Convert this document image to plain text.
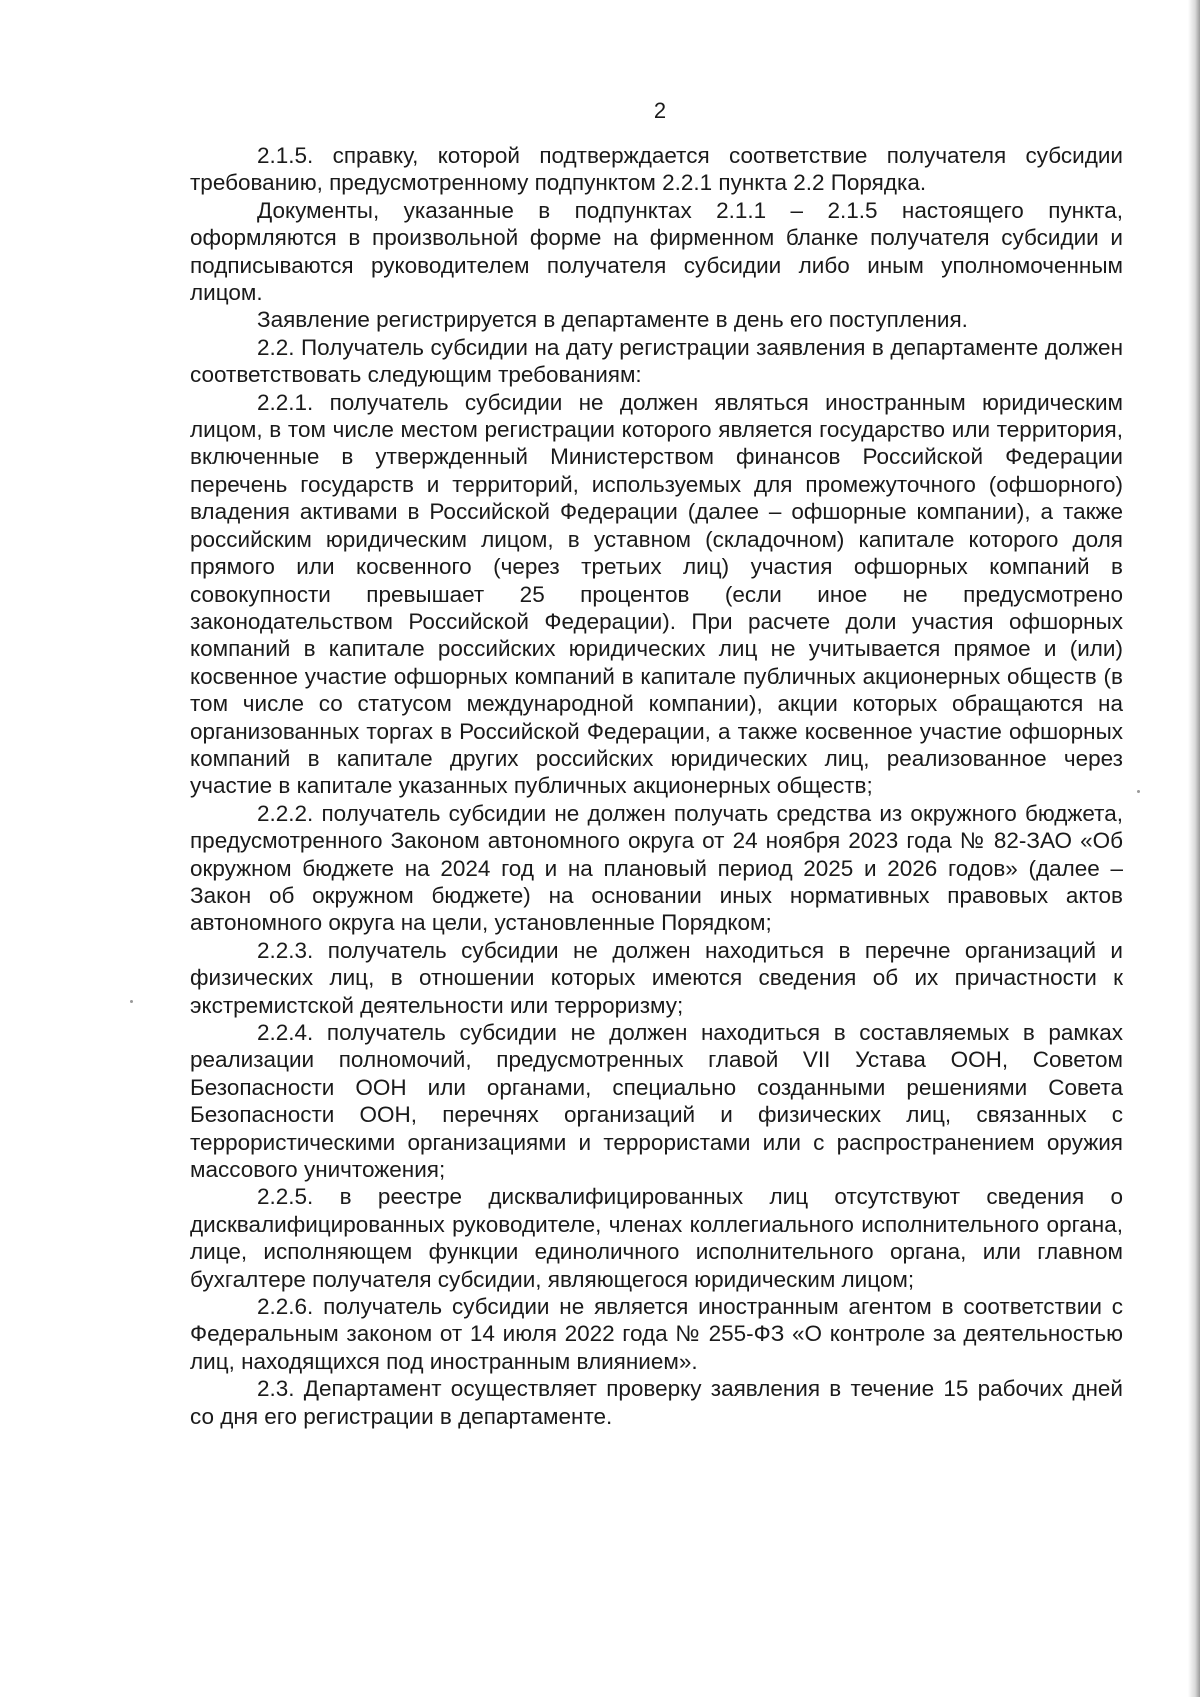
2

2.1.5. справку, которой подтверждается соответствие получателя субсидии требованию, предусмотренному подпунктом 2.2.1 пункта 2.2 Порядка.

Документы, указанные в подпунктах 2.1.1 – 2.1.5 настоящего пункта, оформляются в произвольной форме на фирменном бланке получателя субсидии и подписываются руководителем получателя субсидии либо иным уполномоченным лицом.

Заявление регистрируется в департаменте в день его поступления.

2.2. Получатель субсидии на дату регистрации заявления в департаменте должен соответствовать следующим требованиям:

2.2.1. получатель субсидии не должен являться иностранным юридическим лицом, в том числе местом регистрации которого является государство или территория, включенные в утвержденный Министерством финансов Российской Федерации перечень государств и территорий, используемых для промежуточного (офшорного) владения активами в Российской Федерации (далее – офшорные компании), а также российским юридическим лицом, в уставном (складочном) капитале которого доля прямого или косвенного (через третьих лиц) участия офшорных компаний в совокупности превышает 25 процентов (если иное не предусмотрено законодательством Российской Федерации). При расчете доли участия офшорных компаний в капитале российских юридических лиц не учитывается прямое и (или) косвенное участие офшорных компаний в капитале публичных акционерных обществ (в том числе со статусом международной компании), акции которых обращаются на организованных торгах в Российской Федерации, а также косвенное участие офшорных компаний в капитале других российских юридических лиц, реализованное через участие в капитале указанных публичных акционерных обществ;

2.2.2. получатель субсидии не должен получать средства из окружного бюджета, предусмотренного Законом автономного округа от 24 ноября 2023 года № 82-ЗАО «Об окружном бюджете на 2024 год и на плановый период 2025 и 2026 годов» (далее – Закон об окружном бюджете) на основании иных нормативных правовых актов автономного округа на цели, установленные Порядком;

2.2.3. получатель субсидии не должен находиться в перечне организаций и физических лиц, в отношении которых имеются сведения об их причастности к экстремистской деятельности или терроризму;

2.2.4. получатель субсидии не должен находиться в составляемых в рамках реализации полномочий, предусмотренных главой VII Устава ООН, Советом Безопасности ООН или органами, специально созданными решениями Совета Безопасности ООН, перечнях организаций и физических лиц, связанных с террористическими организациями и террористами или с распространением оружия массового уничтожения;

2.2.5. в реестре дисквалифицированных лиц отсутствуют сведения о дисквалифицированных руководителе, членах коллегиального исполнительного органа, лице, исполняющем функции единоличного исполнительного органа, или главном бухгалтере получателя субсидии, являющегося юридическим лицом;

2.2.6. получатель субсидии не является иностранным агентом в соответствии с Федеральным законом от 14 июля 2022 года № 255-ФЗ «О контроле за деятельностью лиц, находящихся под иностранным влиянием».

2.3. Департамент осуществляет проверку заявления в течение 15 рабочих дней со дня его регистрации в департаменте.
